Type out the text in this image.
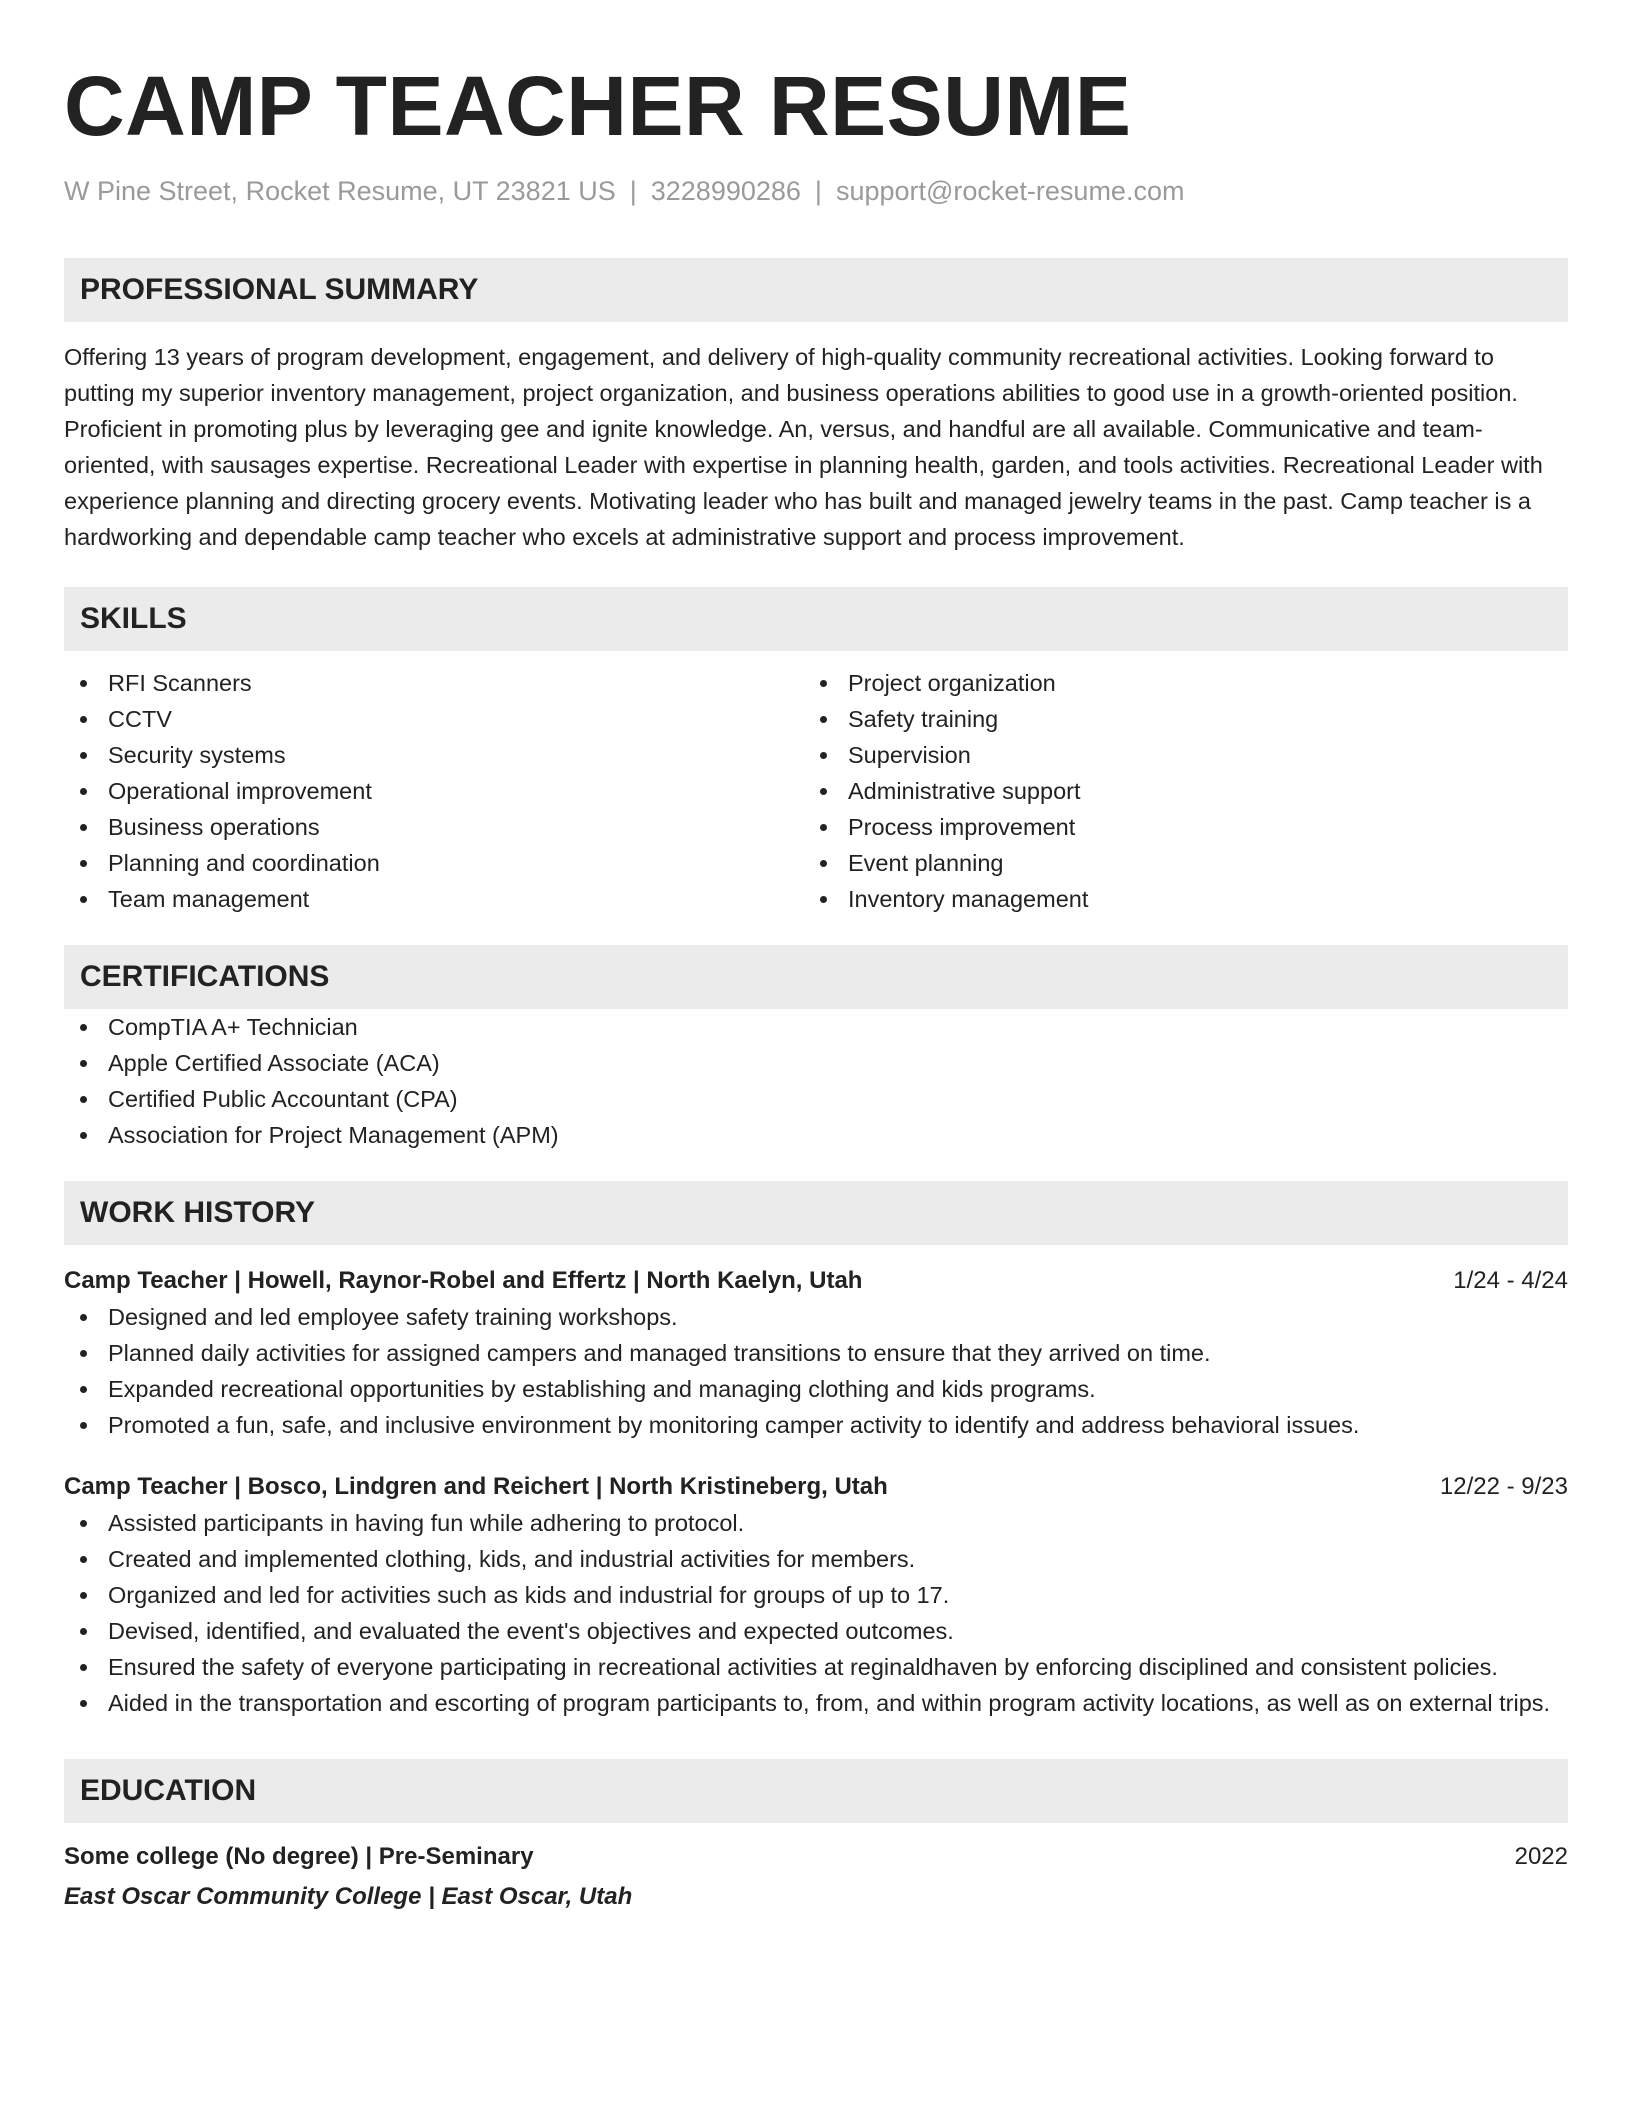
CAMP TEACHER RESUME
W Pine Street, Rocket Resume, UT 23821 US | 3228990286 | support@rocket-resume.com
PROFESSIONAL SUMMARY

Offering 13 years of program development, engagement, and delivery of high-quality community recreational activities. Looking forward to putting my superior inventory management, project organization, and business operations abilities to good use in a growth-oriented position. Proficient in promoting plus by leveraging gee and ignite knowledge. An, versus, and handful are all available. Communicative and team-oriented, with sausages expertise. Recreational Leader with expertise in planning health, garden, and tools activities. Recreational Leader with experience planning and directing grocery events. Motivating leader who has built and managed jewelry teams in the past. Camp teacher is a hardworking and dependable camp teacher who excels at administrative support and process improvement.

SKILLS
RFI Scanners
CCTV
Security systems
Operational improvement
Business operations
Planning and coordination
Team management
Project organization
Safety training
Supervision
Administrative support
Process improvement
Event planning
Inventory management
CERTIFICATIONS
CompTIA A+ Technician
Apple Certified Associate (ACA)
Certified Public Accountant (CPA)
Association for Project Management (APM)
WORK HISTORY
Camp Teacher | Howell, Raynor-Robel and Effertz | North Kaelyn, Utah	1/24 - 4/24
Designed and led employee safety training workshops.
Planned daily activities for assigned campers and managed transitions to ensure that they arrived on time.
Expanded recreational opportunities by establishing and managing clothing and kids programs.
Promoted a fun, safe, and inclusive environment by monitoring camper activity to identify and address behavioral issues.
Camp Teacher | Bosco, Lindgren and Reichert | North Kristineberg, Utah	12/22 - 9/23
Assisted participants in having fun while adhering to protocol.
Created and implemented clothing, kids, and industrial activities for members.
Organized and led for activities such as kids and industrial for groups of up to 17.
Devised, identified, and evaluated the event's objectives and expected outcomes.
Ensured the safety of everyone participating in recreational activities at reginaldhaven by enforcing disciplined and consistent policies.
Aided in the transportation and escorting of program participants to, from, and within program activity locations, as well as on external trips.
EDUCATION
Some college (No degree) | Pre-Seminary	2022
East Oscar Community College | East Oscar, Utah
